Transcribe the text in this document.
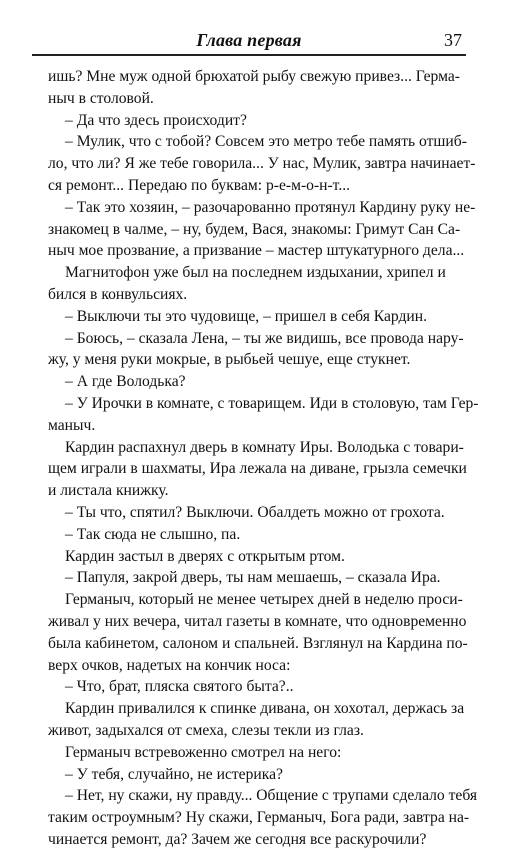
Глава первая	37
ишь? Мне муж одной брюхатой рыбу свежую привез... Герма-
ныч в столовой.
– Да что здесь происходит?
– Мулик, что с тобой? Совсем это метро тебе память отшиб-
ло, что ли? Я же тебе говорила... У нас, Мулик, завтра начинает-
ся ремонт... Передаю по буквам: р-е-м-о-н-т...
– Так это хозяин, – разочарованно протянул Кардину руку не-
знакомец в чалме, – ну, будем, Вася, знакомы: Гримут Сан Са-
ныч мое прозвание, а призвание – мастер штукатурного дела...
Магнитофон уже был на последнем издыхании, хрипел и
бился в конвульсиях.
– Выключи ты это чудовище, – пришел в себя Кардин.
– Боюсь, – сказала Лена, – ты же видишь, все провода нару-
жу, у меня руки мокрые, в рыбьей чешуе, еще стукнет.
– А где Володька?
– У Ирочки в комнате, с товарищем. Иди в столовую, там Гер-
маныч.
Кардин распахнул дверь в комнату Иры. Володька с товари-
щем играли в шахматы, Ира лежала на диване, грызла семечки
и листала книжку.
– Ты что, спятил? Выключи. Обалдеть можно от грохота.
– Так сюда не слышно, па.
Кардин застыл в дверях с открытым ртом.
– Папуля, закрой дверь, ты нам мешаешь, – сказала Ира.
Германыч, который не менее четырех дней в неделю проси-
живал у них вечера, читал газеты в комнате, что одновременно
была кабинетом, салоном и спальней. Взглянул на Кардина по-
верх очков, надетых на кончик носа:
– Что, брат, пляска святого быта?..
Кардин привалился к спинке дивана, он хохотал, держась за
живот, задыхался от смеха, слезы текли из глаз.
Германыч встревоженно смотрел на него:
– У тебя, случайно, не истерика?
– Нет, ну скажи, ну правду... Общение с трупами сделало тебя
таким остроумным? Ну скажи, Германыч, Бога ради, завтра на-
чинается ремонт, да? Зачем же сегодня все раскурочили?
